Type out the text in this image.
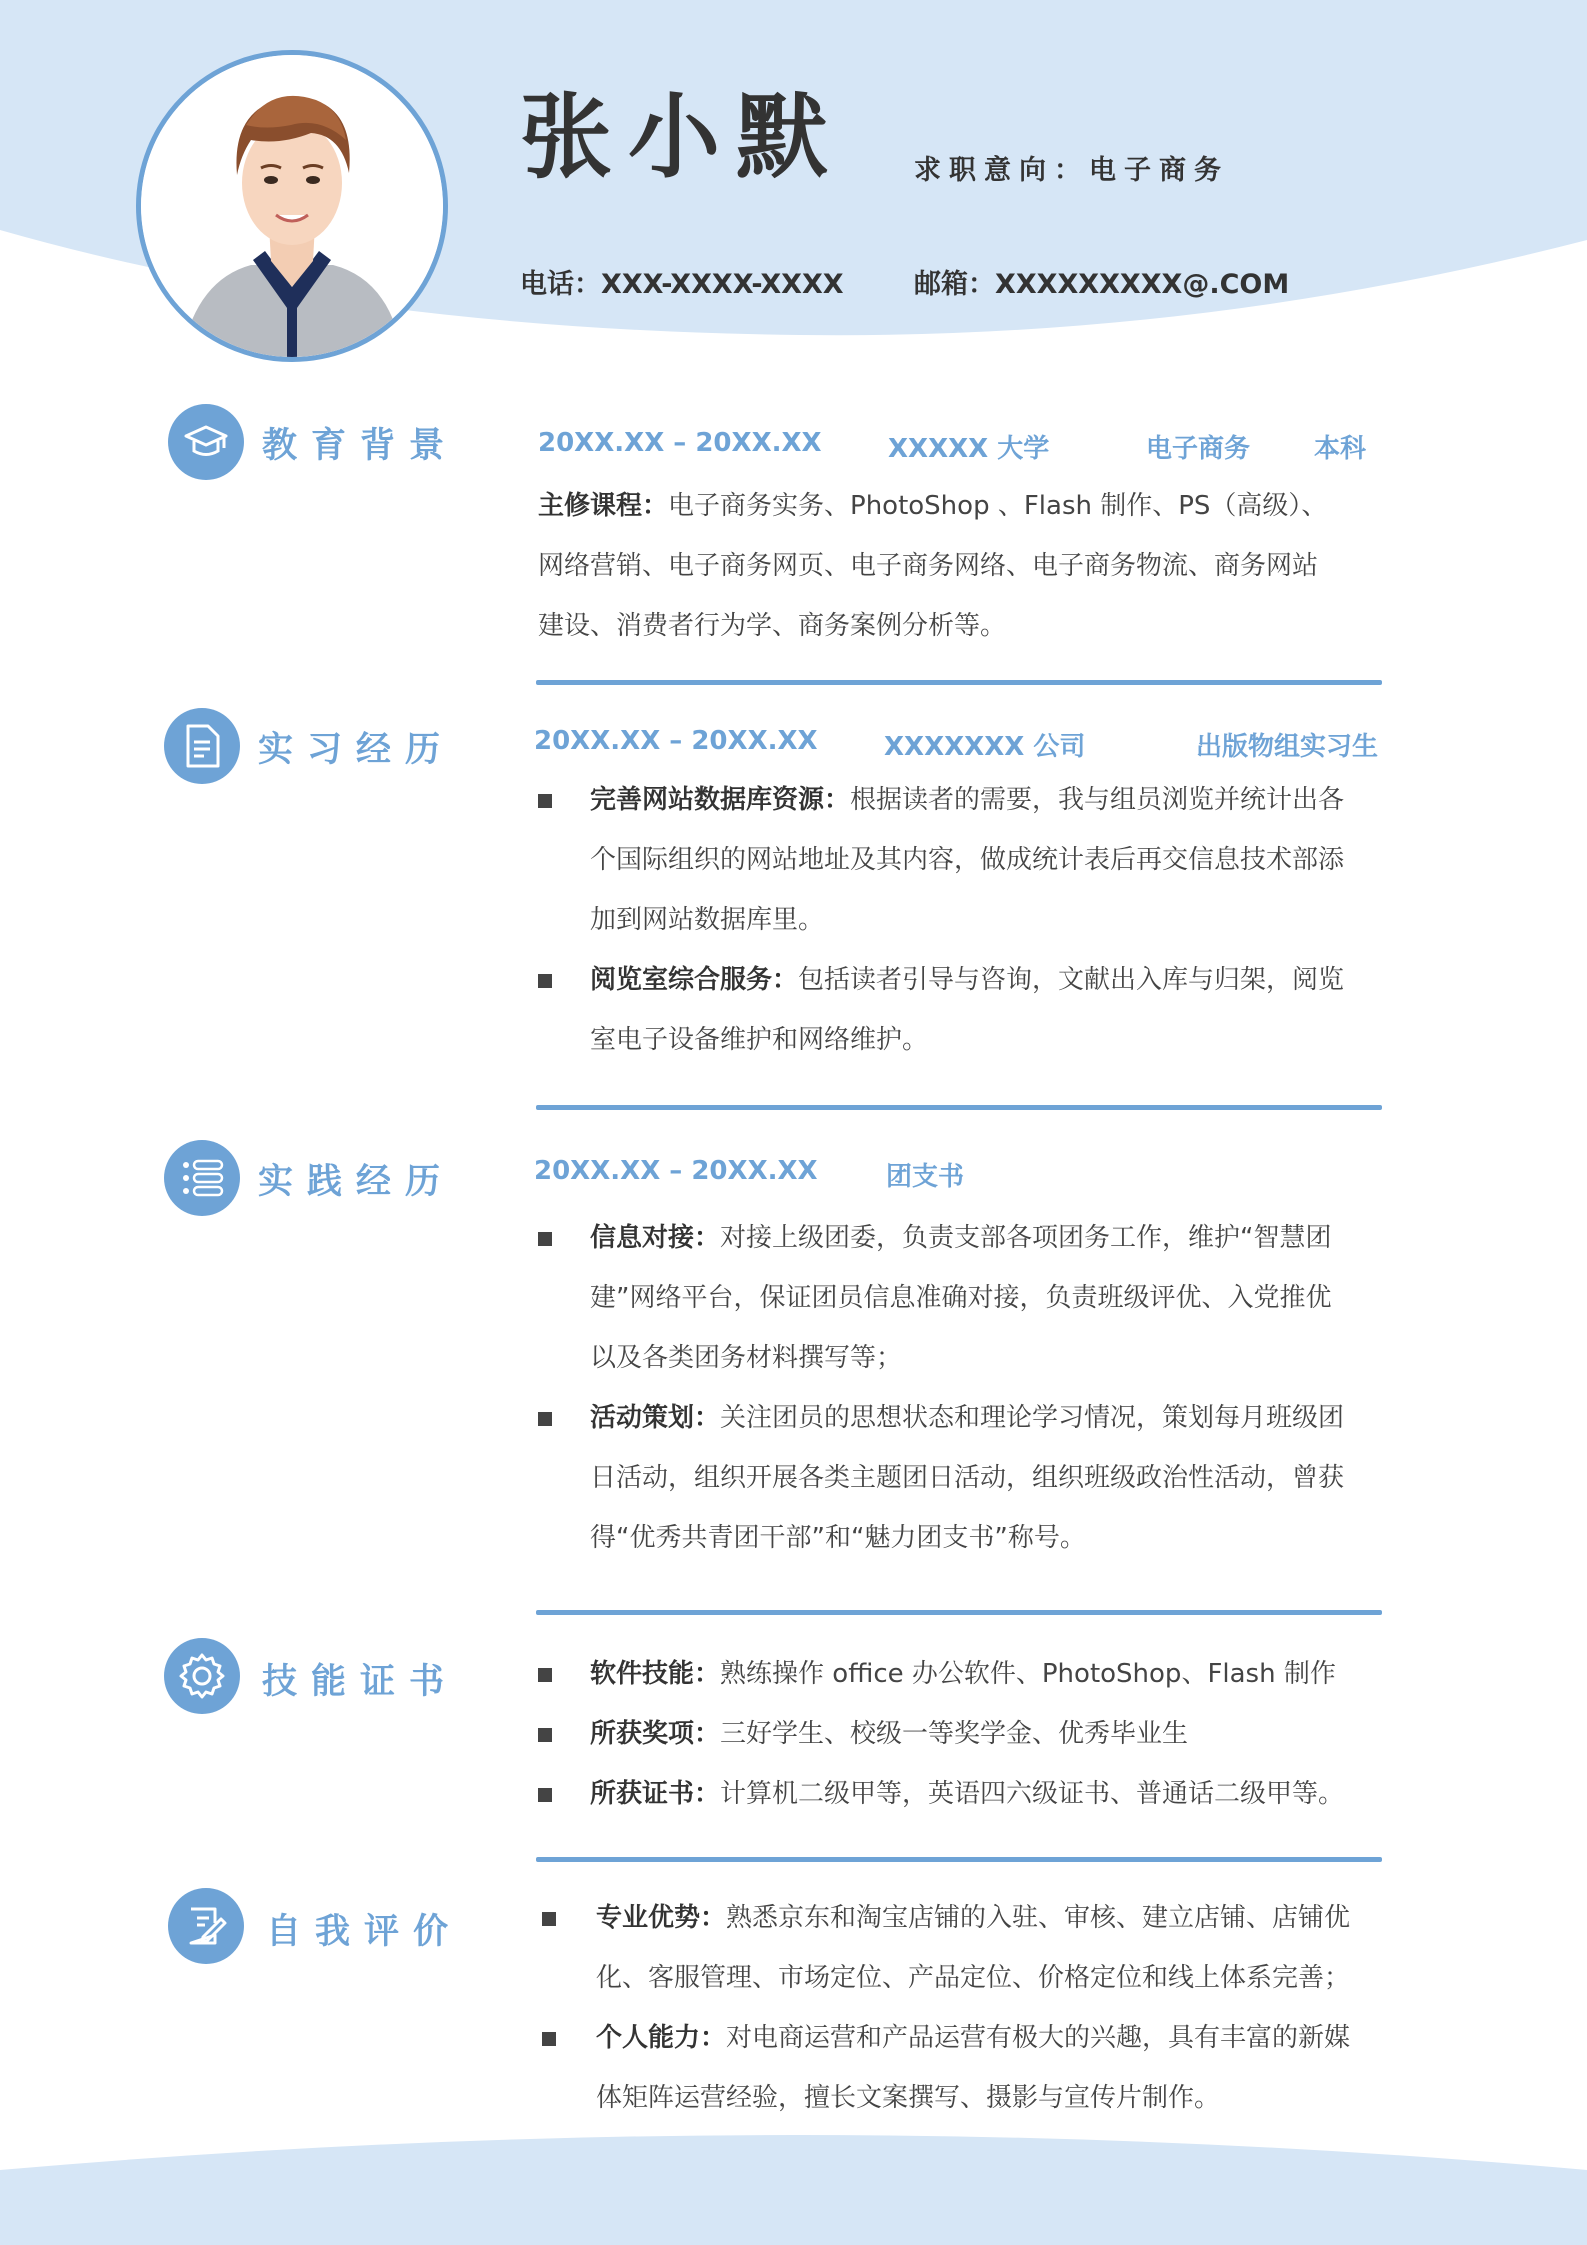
张小默	求职意向：电子商务
电话：XXX-XXXX-XXXX	邮箱：XXXXXXXXX@.COM
教育背景	20XX.XX – 20XX.XX	XXXXX 大学	电子商务 本科
主修课程：电子商务实务、PhotoShop 、Flash 制作、PS（高级）、
网络营销、电子商务网页、电子商务网络、电子商务物流、商务网站
建设、消费者行为学、商务案例分析等。
实习经历	20XX.XX – 20XX.XX	XXXXXXX 公司	出版物组实习生
完善网站数据库资源：根据读者的需要，我与组员浏览并统计出各
个国际组织的网站地址及其内容，做成统计表后再交信息技术部添
加到网站数据库里。
阅览室综合服务：包括读者引导与咨询，文献出入库与归架，阅览
室电子设备维护和网络维护。
实践经历	20XX.XX – 20XX.XX	团支书
信息对接：对接上级团委，负责支部各项团务工作，维护“智慧团
建”网络平台，保证团员信息准确对接，负责班级评优、入党推优
以及各类团务材料撰写等；
活动策划：关注团员的思想状态和理论学习情况，策划每月班级团
日活动，组织开展各类主题团日活动，组织班级政治性活动，曾获
得“优秀共青团干部”和“魅力团支书”称号。
技能证书	软件技能：熟练操作 office 办公软件、PhotoShop、Flash 制作
所获奖项：三好学生、校级一等奖学金、优秀毕业生
所获证书：计算机二级甲等，英语四六级证书、普通话二级甲等。
自我评价	专业优势：熟悉京东和淘宝店铺的入驻、审核、建立店铺、店铺优
化、客服管理、市场定位、产品定位、价格定位和线上体系完善；
个人能力：对电商运营和产品运营有极大的兴趣，具有丰富的新媒
体矩阵运营经验，擅长文案撰写、摄影与宣传片制作。
